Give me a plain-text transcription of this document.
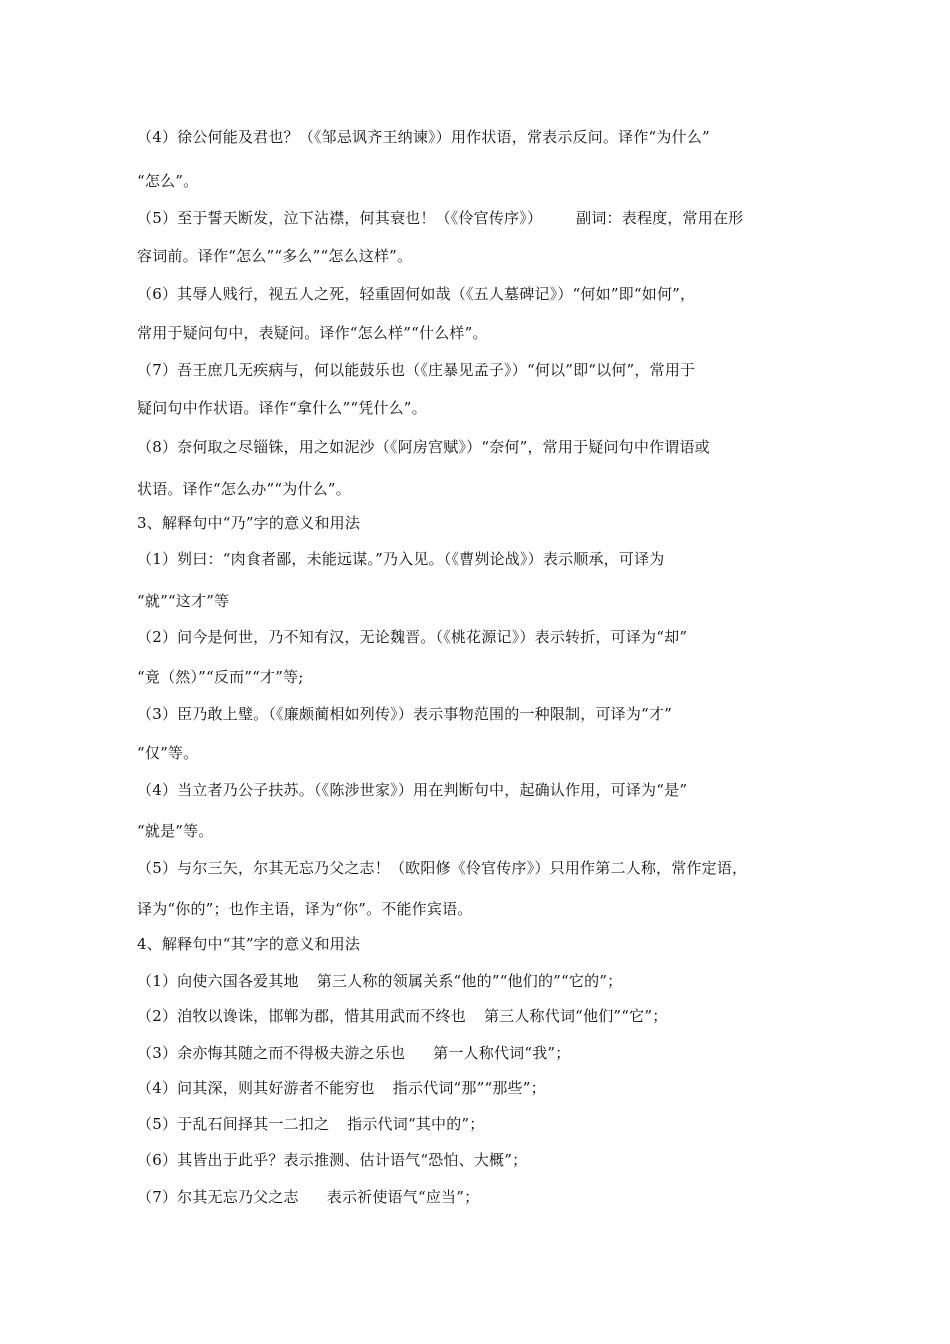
（4）徐公何能及君也？（《邹忌讽齐王纳谏》）用作状语，常表示反问。译作“为什么”
“怎么”。
（5）至于誓天断发，泣下沾襟，何其衰也！（《伶官传序》） 副词：表程度，常用在形
容词前。译作“怎么”“多么”“怎么这样”。
（6）其辱人贱行，视五人之死，轻重固何如哉（《五人墓碑记》）“何如”即“如何”，
常用于疑问句中，表疑问。译作“怎么样”“什么样”。
（7）吾王庶几无疾病与，何以能鼓乐也（《庄暴见孟子》）“何以”即“以何”，常用于
疑问句中作状语。译作“拿什么”“凭什么”。
（8）奈何取之尽锱铢，用之如泥沙（《阿房宫赋》）“奈何”，常用于疑问句中作谓语或
状语。译作“怎么办”“为什么”。
3、解释句中“乃”字的意义和用法
（1）刿曰：“肉食者鄙，未能远谋。”乃入见。（《曹刿论战》）表示顺承，可译为
“就”“这才”等
（2）问今是何世，乃不知有汉，无论魏晋。（《桃花源记》）表示转折，可译为“却”
“竟（然）”“反而”“才”等;
（3）臣乃敢上璧。（《廉颇蔺相如列传》）表示事物范围的一种限制，可译为“才”
“仅”等。
（4）当立者乃公子扶苏。（《陈涉世家》）用在判断句中，起确认作用，可译为“是”
“就是”等。
（5）与尔三矢，尔其无忘乃父之志！（欧阳修《伶官传序》）只用作第二人称，常作定语，
译为“你的”；也作主语，译为“你”。不能作宾语。
4、解释句中“其”字的意义和用法
（1）向使六国各爱其地 第三人称的领属关系“他的”“他们的”“它的”；
（2）洎牧以谗诛，邯郸为郡，惜其用武而不终也 第三人称代词“他们”“它”；
（3）余亦悔其随之而不得极夫游之乐也 第一人称代词“我”；
（4）问其深，则其好游者不能穷也 指示代词“那”“那些”；
（5）于乱石间择其一二扣之 指示代词“其中的”；
（6）其皆出于此乎？表示推测、估计语气“恐怕、大概”；
（7）尔其无忘乃父之志 表示祈使语气“应当”；
